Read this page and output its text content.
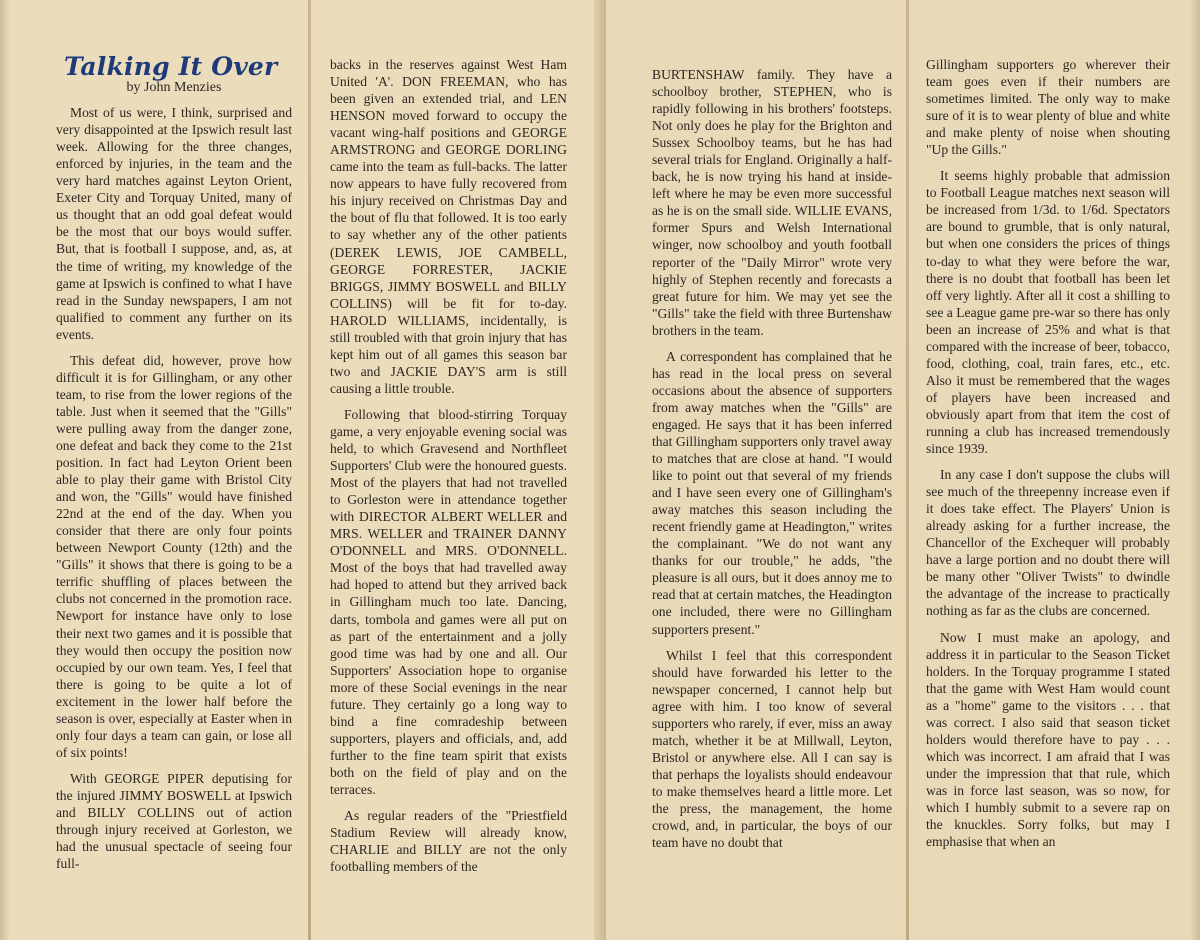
Talking It Over
by John Menzies

Most of us were, I think, surprised and very disappointed at the Ipswich result last week. Allowing for the three changes, enforced by injuries, in the team and the very hard matches against Leyton Orient, Exeter City and Torquay United, many of us thought that an odd goal defeat would be the most that our boys would suffer. But, that is football I suppose, and, as, at the time of writing, my knowledge of the game at Ipswich is confined to what I have read in the Sunday newspapers, I am not qualified to comment any further on its events.

This defeat did, however, prove how difficult it is for Gillingham, or any other team, to rise from the lower regions of the table. Just when it seemed that the "Gills" were pulling away from the danger zone, one defeat and back they come to the 21st position. In fact had Leyton Orient been able to play their game with Bristol City and won, the "Gills" would have finished 22nd at the end of the day. When you consider that there are only four points between Newport County (12th) and the "Gills" it shows that there is going to be a terrific shuffling of places between the clubs not concerned in the promotion race. Newport for instance have only to lose their next two games and it is possible that they would then occupy the position now occupied by our own team. Yes, I feel that there is going to be quite a lot of excitement in the lower half before the season is over, especially at Easter when in only four days a team can gain, or lose all of six points!

With GEORGE PIPER deputising for the injured JIMMY BOSWELL at Ipswich and BILLY COLLINS out of action through injury received at Gorleston, we had the unusual spectacle of seeing four full-

backs in the reserves against West Ham United 'A'. DON FREEMAN, who has been given an extended trial, and LEN HENSON moved forward to occupy the vacant wing-half positions and GEORGE ARMSTRONG and GEORGE DORLING came into the team as full-backs. The latter now appears to have fully recovered from his injury received on Christmas Day and the bout of flu that followed. It is too early to say whether any of the other patients (DEREK LEWIS, JOE CAMBELL, GEORGE FORRESTER, JACKIE BRIGGS, JIMMY BOSWELL and BILLY COLLINS) will be fit for to-day. HAROLD WILLIAMS, incidentally, is still troubled with that groin injury that has kept him out of all games this season bar two and JACKIE DAY'S arm is still causing a little trouble.

Following that blood-stirring Torquay game, a very enjoyable evening social was held, to which Gravesend and Northfleet Supporters' Club were the honoured guests. Most of the players that had not travelled to Gorleston were in attendance together with DIRECTOR ALBERT WELLER and MRS. WELLER and TRAINER DANNY O'DONNELL and MRS. O'DONNELL. Most of the boys that had travelled away had hoped to attend but they arrived back in Gillingham much too late. Dancing, darts, tombola and games were all put on as part of the entertainment and a jolly good time was had by one and all. Our Supporters' Association hope to organise more of these Social evenings in the near future. They certainly go a long way to bind a fine comradeship between supporters, players and officials, and, add further to the fine team spirit that exists both on the field of play and on the terraces.

As regular readers of the "Priestfield Stadium Review will already know, CHARLIE and BILLY are not the only footballing members of the

BURTENSHAW family. They have a schoolboy brother, STEPHEN, who is rapidly following in his brothers' footsteps. Not only does he play for the Brighton and Sussex Schoolboy teams, but he has had several trials for England. Originally a half-back, he is now trying his hand at inside-left where he may be even more successful as he is on the small side. WILLIE EVANS, former Spurs and Welsh International winger, now schoolboy and youth football reporter of the "Daily Mirror" wrote very highly of Stephen recently and forecasts a great future for him. We may yet see the "Gills" take the field with three Burtenshaw brothers in the team.

A correspondent has complained that he has read in the local press on several occasions about the absence of supporters from away matches when the "Gills" are engaged. He says that it has been inferred that Gillingham supporters only travel away to matches that are close at hand. "I would like to point out that several of my friends and I have seen every one of Gillingham's away matches this season including the recent friendly game at Headington," writes the complainant. "We do not want any thanks for our trouble," he adds, "the pleasure is all ours, but it does annoy me to read that at certain matches, the Headington one included, there were no Gillingham supporters present."

Whilst I feel that this correspondent should have forwarded his letter to the newspaper concerned, I cannot help but agree with him. I too know of several supporters who rarely, if ever, miss an away match, whether it be at Millwall, Leyton, Bristol or anywhere else. All I can say is that perhaps the loyalists should endeavour to make themselves heard a little more. Let the press, the management, the home crowd, and, in particular, the boys of our team have no doubt that

Gillingham supporters go wherever their team goes even if their numbers are sometimes limited. The only way to make sure of it is to wear plenty of blue and white and make plenty of noise when shouting "Up the Gills."

It seems highly probable that admission to Football League matches next season will be increased from 1/3d. to 1/6d. Spectators are bound to grumble, that is only natural, but when one considers the prices of things to-day to what they were before the war, there is no doubt that football has been let off very lightly. After all it cost a shilling to see a League game pre-war so there has only been an increase of 25% and what is that compared with the increase of beer, tobacco, food, clothing, coal, train fares, etc., etc. Also it must be remembered that the wages of players have been increased and obviously apart from that item the cost of running a club has increased tremendously since 1939.

In any case I don't suppose the clubs will see much of the threepenny increase even if it does take effect. The Players' Union is already asking for a further increase, the Chancellor of the Exchequer will probably have a large portion and no doubt there will be many other "Oliver Twists" to dwindle the advantage of the increase to practically nothing as far as the clubs are concerned.

Now I must make an apology, and address it in particular to the Season Ticket holders. In the Torquay programme I stated that the game with West Ham would count as a "home" game to the visitors . . . that was correct. I also said that season ticket holders would therefore have to pay . . . which was incorrect. I am afraid that I was under the impression that that rule, which was in force last season, was so now, for which I humbly submit to a severe rap on the knuckles. Sorry folks, but may I emphasise that when an
